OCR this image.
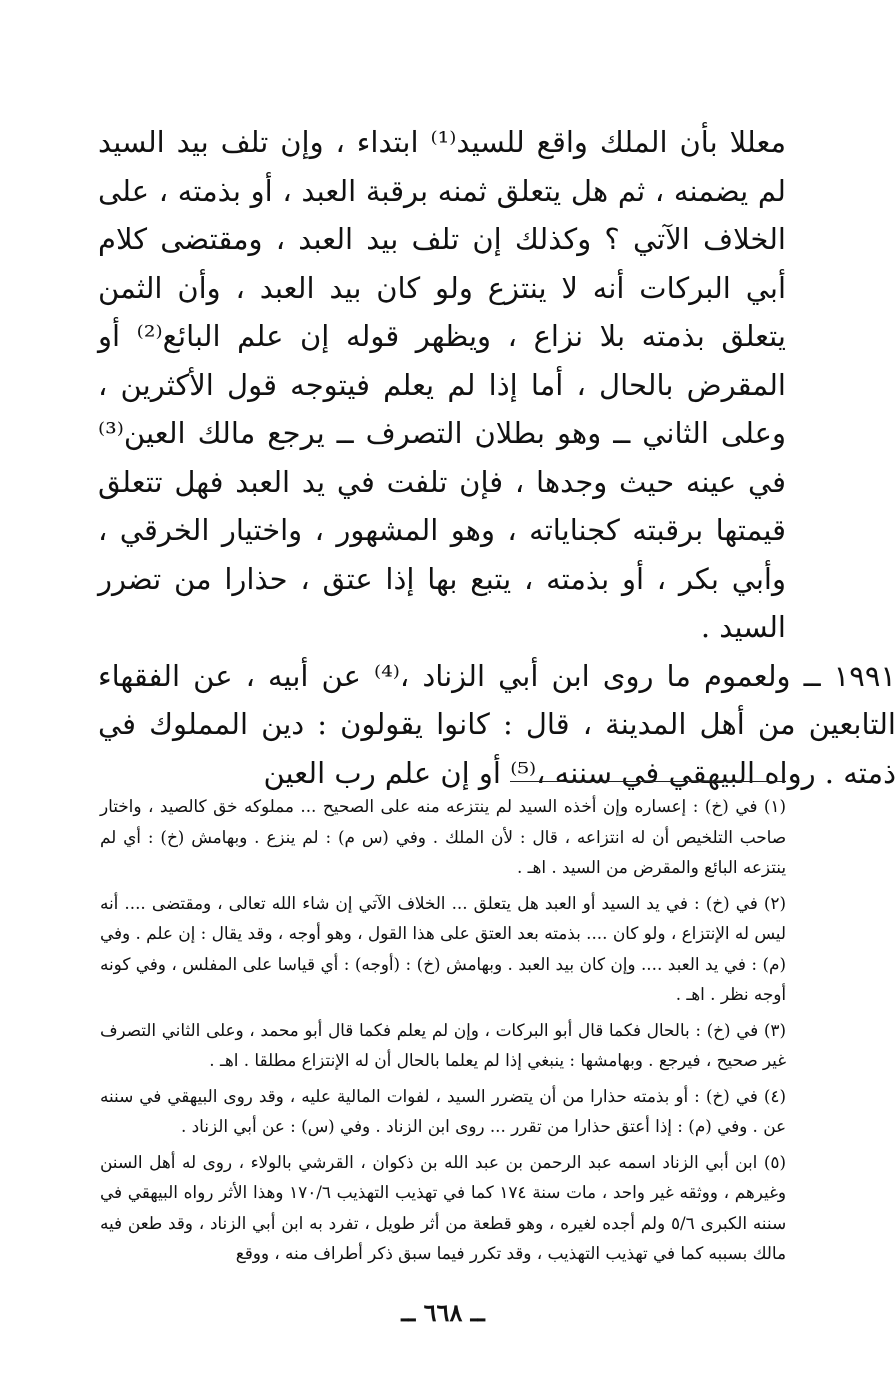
معللا بأن الملك واقع للسيد⁽¹⁾ ابتداء ، وإن تلف بيد السيد لم يضمنه ، ثم هل يتعلق ثمنه برقبة العبد ، أو بذمته ، على الخلاف الآتي ؟ وكذلك إن تلف بيد العبد ، ومقتضى كلام أبي البركات أنه لا ينتزع ولو كان بيد العبد ، وأن الثمن يتعلق بذمته بلا نزاع ، ويظهر قوله إن علم البائع⁽²⁾ أو المقرض بالحال ، أما إذا لم يعلم فيتوجه قول الأكثرين ، وعلى الثاني ــ وهو بطلان التصرف ــ يرجع مالك العين⁽³⁾ في عينه حيث وجدها ، فإن تلفت في يد العبد فهل تتعلق قيمتها برقبته كجناياته ، وهو المشهور ، واختيار الخرقي ، وأبي بكر ، أو بذمته ، يتبع بها إذا عتق ، حذارا من تضرر السيد .

١٩٩١ ــ ولعموم ما روى ابن أبي الزناد ،⁽⁴⁾ عن أبيه ، عن الفقهاء التابعين من أهل المدينة ، قال : كانوا يقولون : دين المملوك في ذمته . رواه البيهقي في سننه ،⁽⁵⁾ أو إن علم رب العين

(١) في (خ) : إعساره وإن أخذه السيد لم ينتزعه منه على الصحيح ... مملوكه خق كالصيد ، واختار صاحب التلخيص أن له انتزاعه ، قال : لأن الملك . وفي (س م) : لم ينزع . وبهامش (خ) : أي لم ينتزعه البائع والمقرض من السيد . اهـ .

(٢) في (خ) : في يد السيد أو العبد هل يتعلق ... الخلاف الآتي إن شاء الله تعالى ، ومقتضى .... أنه ليس له الإنتزاع ، ولو كان .... بذمته بعد العتق على هذا القول ، وهو أوجه ، وقد يقال : إن علم . وفي (م) : في يد العبد .... وإن كان بيد العبد . وبهامش (خ) : (أوجه) : أي قياسا على المفلس ، وفي كونه أوجه نظر . اهـ .

(٣) في (خ) : بالحال فكما قال أبو البركات ، وإن لم يعلم فكما قال أبو محمد ، وعلى الثاني التصرف غير صحيح ، فيرجع . وبهامشها : ينبغي إذا لم يعلما بالحال أن له الإنتزاع مطلقا . اهـ .

(٤) في (خ) : أو بذمته حذارا من أن يتضرر السيد ، لفوات المالية عليه ، وقد روى البيهقي في سننه عن . وفي (م) : إذا أعتق حذارا من تقرر ... روى ابن الزناد . وفي (س) : عن أبي الزناد .

(٥) ابن أبي الزناد اسمه عبد الرحمن بن عبد الله بن ذكوان ، القرشي بالولاء ، روى له أهل السنن وغيرهم ، ووثقه غير واحد ، مات سنة ١٧٤ كما في تهذيب التهذيب ١٧٠/٦ وهذا الأثر رواه البيهقي في سننه الكبرى ٥/٦ ولم أجده لغيره ، وهو قطعة من أثر طويل ، تفرد به ابن أبي الزناد ، وقد طعن فيه مالك بسببه كما في تهذيب التهذيب ، وقد تكرر فيما سبق ذكر أطراف منه ، ووقع

ــ ٦٦٨ ــ
